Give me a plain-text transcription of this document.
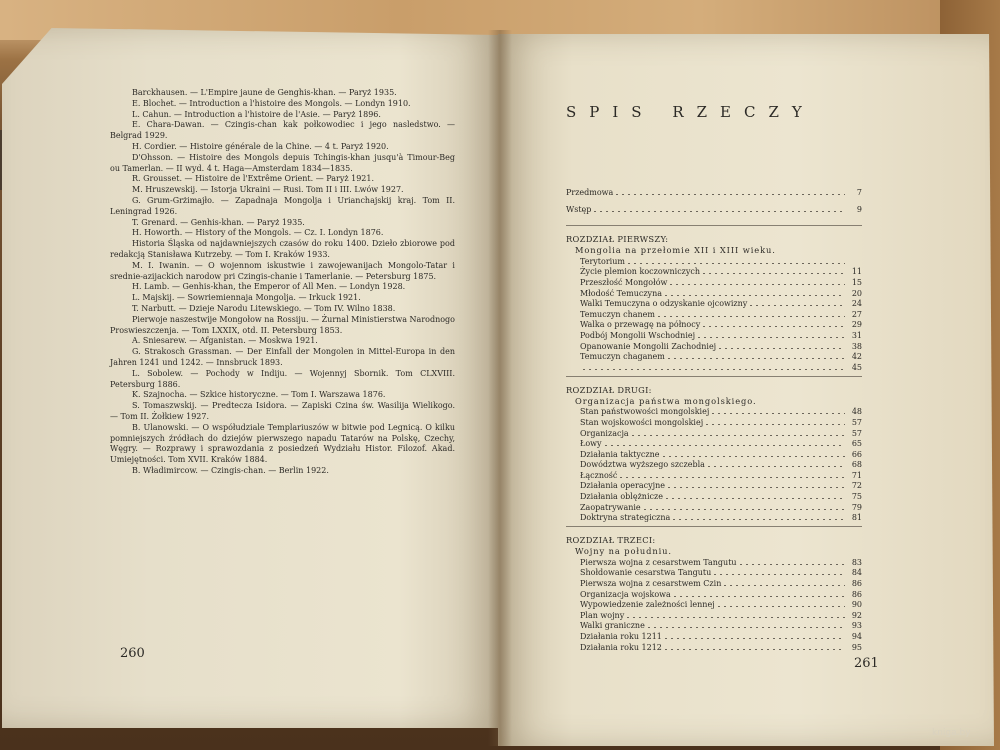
Barckhausen. — L'Empire jaune de Genghis-khan. — Paryż 1935.

E. Blochet. — Introduction a l'histoire des Mongols. — Londyn 1910.

L. Cahun. — Introduction a l'histoire de l'Asie. — Paryż 1896.

E. Chara-Dawan. — Czingis-chan kak połkowodiec i jego nasledstwo. — Belgrad 1929.

H. Cordier. — Histoire générale de la Chine. — 4 t. Paryż 1920.

D'Ohsson. — Histoire des Mongols depuis Tchingis-khan jusqu'à Timour-Beg ou Tamerlan. — II wyd. 4 t. Haga—Amsterdam 1834—1835.

R. Grousset. — Histoire de l'Extrême Orient. — Paryż 1921.

M. Hruszewskij. — Istorja Ukraini — Rusi. Tom II i III. Lwów 1927.

G. Grum-Grżimajło. — Zapadnaja Mongolja i Urianchajskij kraj. Tom II. Leningrad 1926.

T. Grenard. — Genhis-khan. — Paryż 1935.

H. Howorth. — History of the Mongols. — Cz. I. Londyn 1876.

Historia Śląska od najdawniejszych czasów do roku 1400. Dzieło zbiorowe pod redakcją Stanisława Kutrzeby. — Tom I. Kraków 1933.

M. I. Iwanin. — O wojennom iskustwie i zawojewanijach Mongolo-Tatar i srednie-azijackich narodow pri Czingis-chanie i Tamerlanie. — Petersburg 1875.

H. Lamb. — Genhis-khan, the Emperor of All Men. — Londyn 1928.

L. Majskij. — Sowriemiennaja Mongolja. — Irkuck 1921.

T. Narbutt. — Dzieje Narodu Litewskiego. — Tom IV. Wilno 1838.

Pierwoje naszestwije Mongołow na Rossiju. — Żurnal Ministierstwa Narodnogo Proswieszczenja. — Tom LXXIX, otd. II. Petersburg 1853.

A. Sniesarew. — Afganistan. — Moskwa 1921.

G. Strakosch Grassman. — Der Einfall der Mongolen in Mittel-Europa in den Jahren 1241 und 1242. — Innsbruck 1893.

L. Sobolew. — Pochody w Indiju. — Wojennyj Sbornik. Tom CLXVIII. Petersburg 1886.

K. Szajnocha. — Szkice historyczne. — Tom I. Warszawa 1876.

S. Tomaszwskij. — Predtecza Isidora. — Zapiski Czina św. Wasilija Wielikogo. — Tom II. Żołkiew 1927.

B. Ulanowski. — O współudziale Templariuszów w bitwie pod Legnicą. O kilku pomniejszych źródłach do dziejów pierwszego napadu Tatarów na Polskę, Czechy, Węgry. — Rozprawy i sprawozdania z posiedzeń Wydziału Histor. Filozof. Akad. Umiejętności. Tom XVII. Kraków 1884.

B. Władimircow. — Czingis-chan. — Berlin 1922.

260
SPIS RZECZY
Przedmowa	7
Wstęp	9
ROZDZIAŁ PIERWSZY:
Mongolia na przełomie XII i XIII wieku.
Terytorium
Życie plemion koczowniczych	11
Przeszłość Mongołów	15
Młodość Temuczyna	20
Walki Temuczyna o odzyskanie ojcowizny	24
Temuczyn chanem	27
Walka o przewagę na północy	29
Podbój Mongolii Wschodniej	31
Opanowanie Mongolii Zachodniej	38
Temuczyn chaganem	42
45
ROZDZIAŁ DRUGI:
Organizacja państwa mongolskiego.
Stan państwowości mongolskiej	48
Stan wojskowości mongolskiej	57
Organizacja	57
Łowy	65
Działania taktyczne	66
Dowództwa wyższego szczebla	68
Łączność	71
Działania operacyjne	72
Działania oblężnicze	75
Zaopatrywanie	79
Doktryna strategiczna	81
ROZDZIAŁ TRZECI:
Wojny na południu.
Pierwsza wojna z cesarstwem Tangutu	83
Shołdowanie cesarstwa Tangutu	84
Pierwsza wojna z cesarstwem Czin	86
Organizacja wojskowa	86
Wypowiedzenie zależności lennej	90
Plan wojny	92
Walki graniczne	93
Działania roku 1211	94
Działania roku 1212	95
261
kniga.by
